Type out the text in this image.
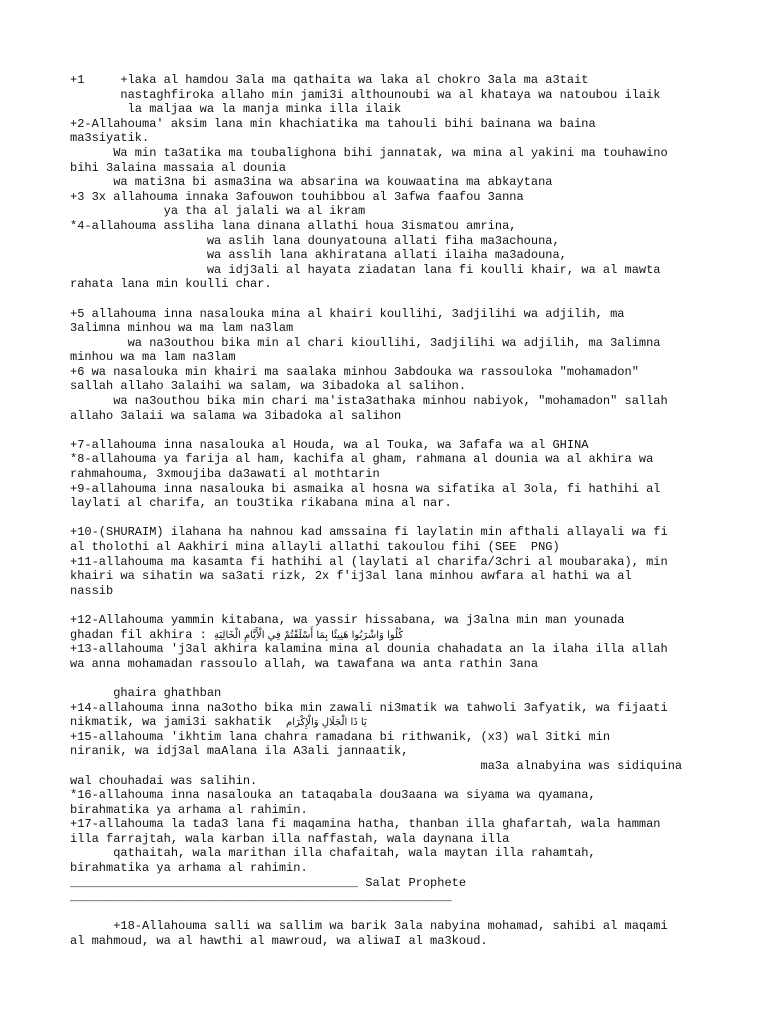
+1     +laka al hamdou 3ala ma qathaita wa laka al chokro 3ala ma a3tait
nastaghfiroka allaho min jami3i althounoubi wa al khataya wa natoubou ilaik
la maljaa wa la manja minka illa ilaik
+2-Allahouma' aksim lana min khachiatika ma tahouli bihi bainana wa baina
ma3siyatik.
Wa min ta3atika ma toubalighona bihi jannatak, wa mina al yakini ma touhawino
bihi 3alaina massaia al dounia
wa mati3na bi asma3ina wa absarina wa kouwaatina ma abkaytana
+3 3x allahouma innaka 3afouwon touhibbou al 3afwa faafou 3anna
ya tha al jalali wa al ikram
*4-allahouma assliha lana dinana allathi houa 3ismatou amrina,
wa aslih lana dounyatouna allati fiha ma3achouna,
wa asslih lana akhiratana allati ilaiha ma3adouna,
wa idj3ali al hayata ziadatan lana fi koulli khair, wa al mawta
rahata lana min koulli char.
+5 allahouma inna nasalouka mina al khairi koullihi, 3adjilihi wa adjilih, ma
3alimna minhou wa ma lam na3lam
wa na3outhou bika min al chari kioullihi, 3adjilihi wa adjilih, ma 3alimna
minhou wa ma lam na3lam
+6 wa nasalouka min khairi ma saalaka minhou 3abdouka wa rassouloka "mohamadon"
sallah allaho 3alaihi wa salam, wa 3ibadoka al salihon.
wa na3outhou bika min chari ma'ista3athaka minhou nabiyok, "mohamadon" sallah
allaho 3alaii wa salama wa 3ibadoka al salihon
+7-allahouma inna nasalouka al Houda, wa al Touka, wa 3afafa wa al GHINA
*8-allahouma ya farija al ham, kachifa al gham, rahmana al dounia wa al akhira wa
rahmahouma, 3xmoujiba da3awati al mothtarin
+9-allahouma inna nasalouka bi asmaika al hosna wa sifatika al 3ola, fi hathihi al
laylati al charifa, an tou3tika rikabana mina al nar.
+10-(SHURAIM) ilahana ha nahnou kad amssaina fi laylatin min afthali allayali wa fi
al tholothi al Aakhiri mina allayli allathi takoulou fihi (SEE  PNG)
+11-allahouma ma kasamta fi hathihi al (laylati al charifa/3chri al moubaraka), min
khairi wa sihatin wa sa3ati rizk, 2x f'ij3al lana minhou awfara al hathi wa al
nassib
+12-Allahouma yammin kitabana, wa yassir hissabana, wa j3alna min man younada
ghadan fil akhira : كُلُوا وَاشْرَبُوا هَنِيئًا بِمَا أَسْلَفْتُمْ فِي الْأَيَّامِ الْخَالِيَةِ
+13-allahouma 'j3al akhira kalamina mina al dounia chahadata an la ilaha illa allah
wa anna mohamadan rassoulo allah, wa tawafana wa anta rathin 3ana
ghaira ghathban
+14-allahouma inna na3otho bika min zawali ni3matik wa tahwoli 3afyatik, wa fijaati
nikmatik, wa jami3i sakhatik  يَا ذَا الْجَلَالِ وَالْإِكْرَام
+15-allahouma 'ikhtim lana chahra ramadana bi rithwanik, (x3) wal 3itki min
niranik, wa idj3al maAlana ila A3ali jannaatik,
ma3a alnabyina was sidiquina
wal chouhadai was salihin.
*16-allahouma inna nasalouka an tataqabala dou3aana wa siyama wa qyamana,
birahmatika ya arhama al rahimin.
+17-allahouma la tada3 lana fi maqamina hatha, thanban illa ghafartah, wala hamman
illa farrajtah, wala karban illa naffastah, wala daynana illa
qathaitah, wala marithan illa chafaitah, wala maytan illa rahamtah,
birahmatika ya arhama al rahimin.
________________________________________ Salat Prophete
_____________________________________________________
+18-Allahouma salli wa sallim wa barik 3ala nabyina mohamad, sahibi al maqami
al mahmoud, wa al hawthi al mawroud, wa aliwaI al ma3koud.
